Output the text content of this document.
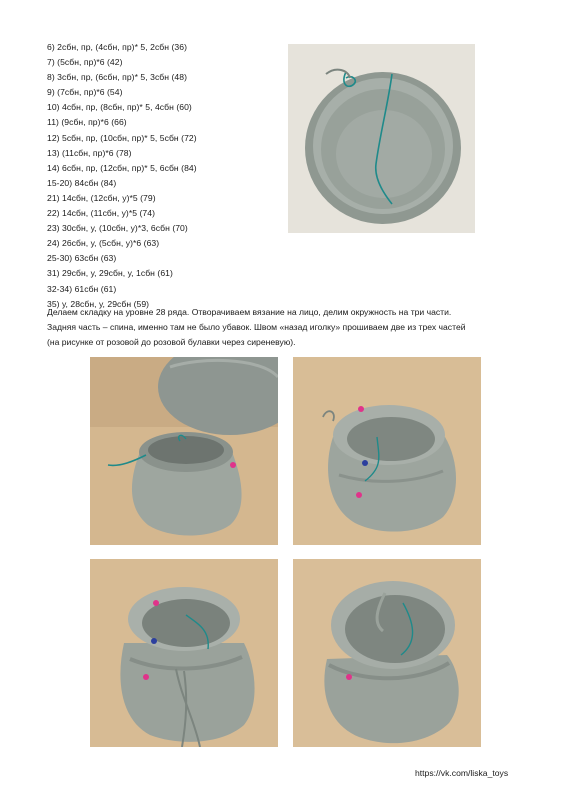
6) 2сбн, пр, (4сбн, пр)* 5, 2сбн (36)
7) (5сбн, пр)*6 (42)
8) 3сбн, пр, (6сбн, пр)* 5, 3сбн (48)
9) (7сбн, пр)*6 (54)
10) 4сбн, пр, (8сбн, пр)* 5, 4сбн (60)
11) (9сбн, пр)*6 (66)
12) 5сбн, пр, (10сбн, пр)* 5, 5сбн (72)
13) (11сбн, пр)*6 (78)
14) 6сбн, пр, (12сбн, пр)* 5, 6сбн (84)
15-20) 84сбн (84)
21) 14сбн, (12сбн, у)*5 (79)
22) 14сбн, (11сбн, у)*5 (74)
23) 30сбн, у, (10сбн, у)*3, 6сбн (70)
24) 26сбн, у, (5сбн, у)*6 (63)
25-30) 63сбн (63)
31) 29сбн, у, 29сбн, у, 1сбн (61)
32-34) 61сбн (61)
35) у, 28сбн, у, 29сбн (59)
Делаем складку на уровне 28 ряда. Отворачиваем вязание на лицо, делим окружность на три части.
Задняя часть – спина, именно там не было убавок. Швом «назад иголку» прошиваем две из трех частей
(на рисунке от розовой до розовой булавки через сиреневую).
https://vk.com/liska_toys
